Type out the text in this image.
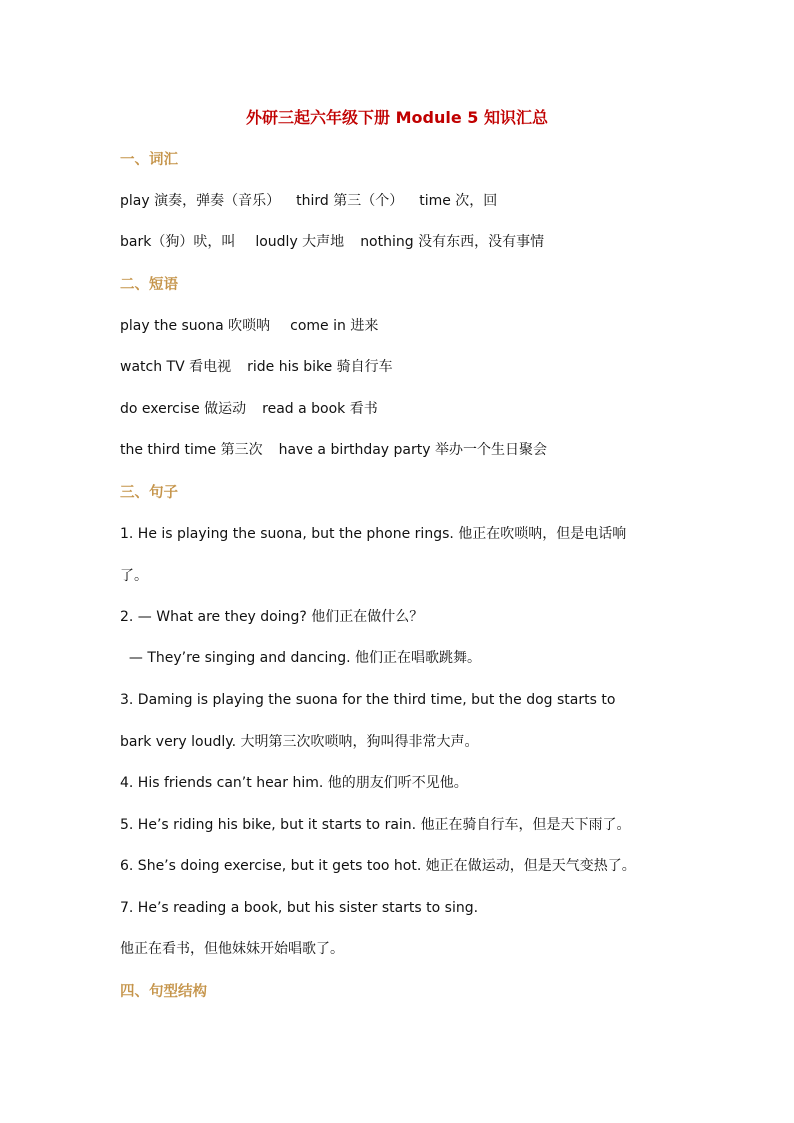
外研三起六年级下册 Module 5 知识汇总
一、词汇
play 演奏，弹奏（音乐） third 第三（个） time 次，回
bark（狗）吠，叫 loudly 大声地 nothing 没有东西，没有事情
二、短语
play the suona 吹唢呐 come in 进来
watch TV 看电视 ride his bike 骑自行车
do exercise 做运动 read a book 看书
the third time 第三次 have a birthday party 举办一个生日聚会
三、句子
1. He is playing the suona, but the phone rings. 他正在吹唢呐，但是电话响
了。
2. — What are they doing? 他们正在做什么？
— They’re singing and dancing. 他们正在唱歌跳舞。
3. Daming is playing the suona for the third time, but the dog starts to
bark very loudly. 大明第三次吹唢呐，狗叫得非常大声。
4. His friends can’t hear him. 他的朋友们听不见他。
5. He’s riding his bike, but it starts to rain. 他正在骑自行车，但是天下雨了。
6. She’s doing exercise, but it gets too hot. 她正在做运动，但是天气变热了。
7. He’s reading a book, but his sister starts to sing.
他正在看书，但他妹妹开始唱歌了。
四、句型结构
